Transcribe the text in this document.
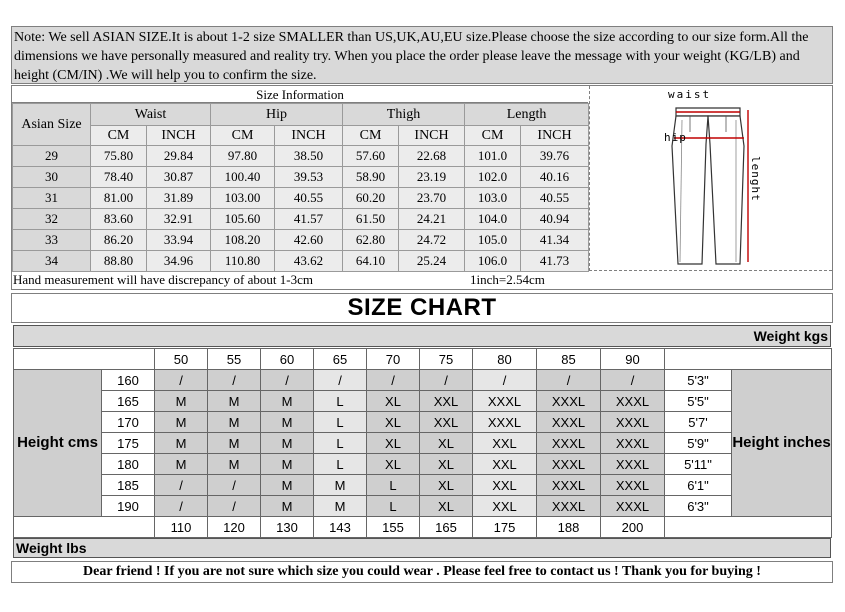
Note: We sell ASIAN SIZE.It is about 1-2 size SMALLER than US,UK,AU,EU size.Please choose the size according to our size form.All the dimensions we have personally measured and reality try. When you place the order please leave the message with your weight (KG/LB) and height (CM/IN) .We will help you to confirm the size.
Size Information
Asian Size	Waist		Hip		Thigh		Length	
	CM	INCH	CM	INCH	CM	INCH	CM	INCH
29	75.80	29.84	97.80	38.50	57.60	22.68	101.0	39.76
30	78.40	30.87	100.40	39.53	58.90	23.19	102.0	40.16
31	81.00	31.89	103.00	40.55	60.20	23.70	103.0	40.55
32	83.60	32.91	105.60	41.57	61.50	24.21	104.0	40.94
33	86.20	33.94	108.20	42.60	62.80	24.72	105.0	41.34
34	88.80	34.96	110.80	43.62	64.10	25.24	106.0	41.73
waist
hip
lenght
Hand measurement will have discrepancy of about 1-3cm	1inch=2.54cm
SIZE CHART
Weight kgs
		50	55	60	65	70	75	80	85	90		
Height cms	160	/	/	/	/	/	/	/	/	/	5'3"	Height inches
	165	M	M	M	L	XL	XXL	XXXL	XXXL	XXXL	5'5"	
	170	M	M	M	L	XL	XXL	XXXL	XXXL	XXXL	5'7'	
	175	M	M	M	L	XL	XL	XXL	XXXL	XXXL	5'9"	
	180	M	M	M	L	XL	XL	XXL	XXXL	XXXL	5'11"	
	185	/	/	M	M	L	XL	XXL	XXXL	XXXL	6'1"	
	190	/	/	M	M	L	XL	XXL	XXXL	XXXL	6'3"	
		110	120	130	143	155	165	175	188	200		
Weight lbs
Dear friend ! If you are not sure which size you could wear . Please feel free to contact us ! Thank you for buying !
